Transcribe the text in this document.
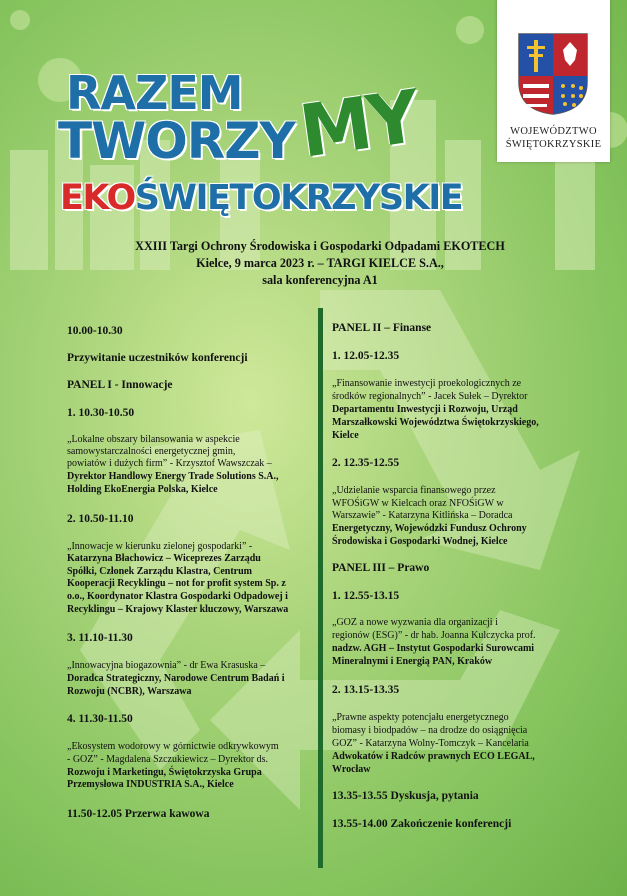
WOJEWÓDZTWO
ŚWIĘTOKRZYSKIE
RAZEM
TWORZY MY
EKOŚWIĘTOKRZYSKIE
XXIII Targi Ochrony Środowiska i Gospodarki Odpadami EKOTECH
Kielce, 9 marca 2023 r. – TARGI KIELCE S.A.,
sala konferencyjna A1
10.00-10.30
Przywitanie uczestników konferencji
PANEL I - Innowacje
1. 10.30-10.50
„Lokalne obszary bilansowania w aspekcie
samowystarczalności energetycznej gmin,
powiatów i dużych firm” - Krzysztof Wawszczak –
Dyrektor Handlowy Energy Trade Solutions S.A.,
Holding EkoEnergia Polska, Kielce
2. 10.50-11.10
„Innowacje w kierunku zielonej gospodarki” -
Katarzyna Błachowicz – Wiceprezes Zarządu
Spółki, Członek Zarządu Klastra, Centrum
Kooperacji Recyklingu – not for profit system Sp. z
o.o., Koordynator Klastra Gospodarki Odpadowej i
Recyklingu – Krajowy Klaster kluczowy, Warszawa
3. 11.10-11.30
„Innowacyjna biogazownia” - dr Ewa Krasuska –
Doradca Strategiczny, Narodowe Centrum Badań i
Rozwoju (NCBR), Warszawa
4. 11.30-11.50
„Ekosystem wodorowy w górnictwie odkrywkowym
- GOZ” - Magdalena Szczukiewicz – Dyrektor ds.
Rozwoju i Marketingu, Świętokrzyska Grupa
Przemysłowa INDUSTRIA S.A., Kielce
11.50-12.05 Przerwa kawowa
PANEL II – Finanse
1. 12.05-12.35
„Finansowanie inwestycji proekologicznych ze
środków regionalnych” - Jacek Sułek – Dyrektor
Departamentu Inwestycji i Rozwoju, Urząd
Marszałkowski Województwa Świętokrzyskiego,
Kielce
2. 12.35-12.55
„Udzielanie wsparcia finansowego przez
WFOŚiGW w Kielcach oraz NFOŚiGW w
Warszawie” - Katarzyna Kitlińska – Doradca
Energetyczny, Wojewódzki Fundusz Ochrony
Środowiska i Gospodarki Wodnej, Kielce
PANEL III – Prawo
1. 12.55-13.15
„GOZ a nowe wyzwania dla organizacji i
regionów (ESG)” - dr hab. Joanna Kulczycka prof.
nadzw. AGH – Instytut Gospodarki Surowcami
Mineralnymi i Energią PAN, Kraków
2. 13.15-13.35
„Prawne aspekty potencjału energetycznego
biomasy i biodpadów – na drodze do osiągnięcia
GOZ” - Katarzyna Wolny-Tomczyk – Kancelaria
Adwokatów i Radców prawnych ECO LEGAL,
Wrocław
13.35-13.55 Dyskusja, pytania
13.55-14.00 Zakończenie konferencji
